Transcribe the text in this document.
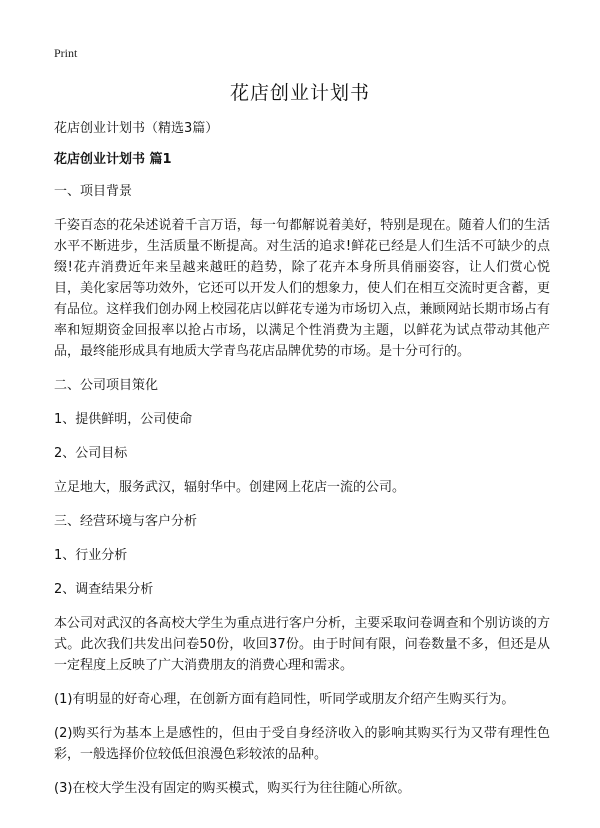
Print
花店创业计划书

花店创业计划书（精选3篇）

花店创业计划书 篇1

一、项目背景

千姿百态的花朵述说着千言万语，每一句都解说着美好，特别是现在。随着人们的生活水平不断进步，生活质量不断提高。对生活的追求!鲜花已经是人们生活不可缺少的点缀!花卉消费近年来呈越来越旺的趋势，除了花卉本身所具俏丽姿容，让人们赏心悦目，美化家居等功效外，它还可以开发人们的想象力，使人们在相互交流时更含蓄，更有品位。这样我们创办网上校园花店以鲜花专递为市场切入点，兼顾网站长期市场占有率和短期资金回报率以抢占市场，以满足个性消费为主题，以鲜花为试点带动其他产品，最终能形成具有地质大学青鸟花店品牌优势的市场。是十分可行的。

二、公司项目策化

1、提供鲜明，公司使命

2、公司目标

立足地大，服务武汉，辐射华中。创建网上花店一流的公司。

三、经营环境与客户分析

1、行业分析

2、调查结果分析

本公司对武汉的各高校大学生为重点进行客户分析，主要采取问卷调查和个别访谈的方式。此次我们共发出问卷50份，收回37份。由于时间有限，问卷数量不多，但还是从一定程度上反映了广大消费朋友的消费心理和需求。

(1)有明显的好奇心理，在创新方面有趋同性，听同学或朋友介绍产生购买行为。

(2)购买行为基本上是感性的，但由于受自身经济收入的影响其购买行为又带有理性色彩，一般选择价位较低但浪漫色彩较浓的品种。

(3)在校大学生没有固定的购买模式，购买行为往往随心所欲。
